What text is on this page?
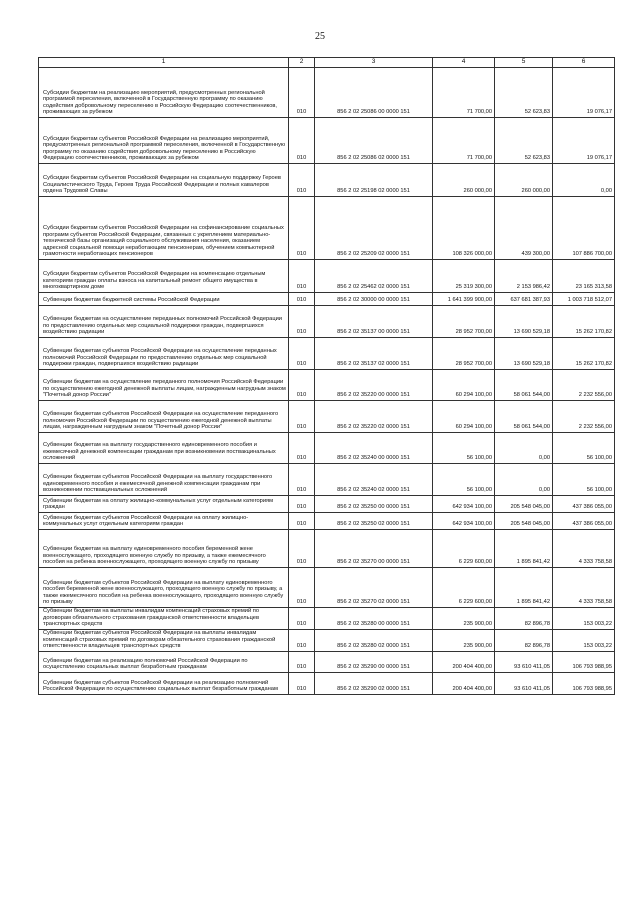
25
1	2	3	4	5	6
Субсидии бюджетам на реализацию мероприятий, предусмотренных региональной программой переселения, включенной в Государственную программу по оказанию содействия добровольному переселению в Российскую Федерацию соотечественников, проживающих за рубежом	010	856 2 02 25086 00 0000 151	71 700,00	52 623,83	19 076,17
Субсидии бюджетам субъектов Российской Федерации на реализацию мероприятий, предусмотренных региональной программой переселения, включенной в Государственную программу по оказанию содействия добровольному переселению в Российскую Федерацию соотечественников, проживающих за рубежом	010	856 2 02 25086 02 0000 151	71 700,00	52 623,83	19 076,17
Субсидии бюджетам субъектов Российской Федерации на социальную поддержку Героев Социалистического Труда, Героев Труда Российской Федерации и полных кавалеров ордена Трудовой Славы	010	856 2 02 25198 02 0000 151	260 000,00	260 000,00	0,00
Субсидии бюджетам субъектов Российской Федерации на софинансирование социальных программ субъектов Российской Федерации, связанных с укреплением материально-технической базы организаций социального обслуживания населения, оказанием адресной социальной помощи неработающим пенсионерам, обучением компьютерной грамотности неработающих пенсионеров	010	856 2 02 25209 02 0000 151	108 326 000,00	439 300,00	107 886 700,00
Субсидии бюджетам субъектов Российской Федерации на компенсацию отдельным категориям граждан оплаты взноса на капитальный ремонт общего имущества в многоквартирном доме	010	856 2 02 25462 02 0000 151	25 319 300,00	2 153 986,42	23 165 313,58
Субвенции бюджетам бюджетной системы Российской Федерации	010	856 2 02 30000 00 0000 151	1 641 399 900,00	637 681 387,93	1 003 718 512,07
Субвенции бюджетам на осуществление переданных полномочий Российской Федерации по предоставлению отдельных мер социальной поддержки граждан, подвергшихся воздействию радиации	010	856 2 02 35137 00 0000 151	28 952 700,00	13 690 529,18	15 262 170,82
Субвенции бюджетам субъектов Российской Федерации на осуществление переданных полномочий Российской Федерации по предоставлению отдельных мер социальной поддержки граждан, подвергшихся воздействию радиации	010	856 2 02 35137 02 0000 151	28 952 700,00	13 690 529,18	15 262 170,82
Субвенции бюджетам на осуществление переданного полномочия Российской Федерации по осуществлению ежегодной денежной выплаты лицам, награжденным нагрудным знаком "Почетный донор России"	010	856 2 02 35220 00 0000 151	60 294 100,00	58 061 544,00	2 232 556,00
Субвенции бюджетам субъектов Российской Федерации на осуществление переданного полномочия Российской Федерации по осуществлению ежегодной денежной выплаты лицам, награжденным нагрудным знаком "Почетный донор России"	010	856 2 02 35220 02 0000 151	60 294 100,00	58 061 544,00	2 232 556,00
Субвенции бюджетам на выплату государственного единовременного пособия и ежемесячной денежной компенсации гражданам при возникновении поствакцинальных осложнений	010	856 2 02 35240 00 0000 151	56 100,00	0,00	56 100,00
Субвенции бюджетам субъектов Российской Федерации на выплату государственного единовременного пособия и ежемесячной денежной компенсации гражданам при возникновении поствакцинальных осложнений	010	856 2 02 35240 02 0000 151	56 100,00	0,00	56 100,00
Субвенции бюджетам на оплату жилищно-коммунальных услуг отдельным категориям граждан	010	856 2 02 35250 00 0000 151	642 934 100,00	205 548 045,00	437 386 055,00
Субвенции бюджетам субъектов Российской Федерации на оплату жилищно-коммунальных услуг отдельным категориям граждан	010	856 2 02 35250 02 0000 151	642 934 100,00	205 548 045,00	437 386 055,00
Субвенции бюджетам на выплату единовременного пособия беременной жене военнослужащего, проходящего военную службу по призыву, а также ежемесячного пособия на ребенка военнослужащего, проходящего военную службу по призыву	010	856 2 02 35270 00 0000 151	6 229 600,00	1 895 841,42	4 333 758,58
Субвенции бюджетам субъектов Российской Федерации на выплату единовременного пособия беременной жене военнослужащего, проходящего военную службу по призыву, а также ежемесячного пособия на ребенка военнослужащего, проходящего военную службу по призыву	010	856 2 02 35270 02 0000 151	6 229 600,00	1 895 841,42	4 333 758,58
Субвенции бюджетам на выплаты инвалидам компенсаций страховых премий по договорам обязательного страхования гражданской ответственности владельцев транспортных средств	010	856 2 02 35280 00 0000 151	235 900,00	82 896,78	153 003,22
Субвенции бюджетам субъектов Российской Федерации на выплаты инвалидам компенсаций страховых премий по договорам обязательного страхования гражданской ответственности владельцев транспортных средств	010	856 2 02 35280 02 0000 151	235 900,00	82 896,78	153 003,22
Субвенции бюджетам на реализацию полномочий Российской Федерации по осуществлению социальных выплат безработным гражданам	010	856 2 02 35290 00 0000 151	200 404 400,00	93 610 411,05	106 793 988,95
Субвенции бюджетам субъектов Российской Федерации на реализацию полномочий Российской Федерации по осуществлению социальных выплат безработным гражданам	010	856 2 02 35290 02 0000 151	200 404 400,00	93 610 411,05	106 793 988,95
